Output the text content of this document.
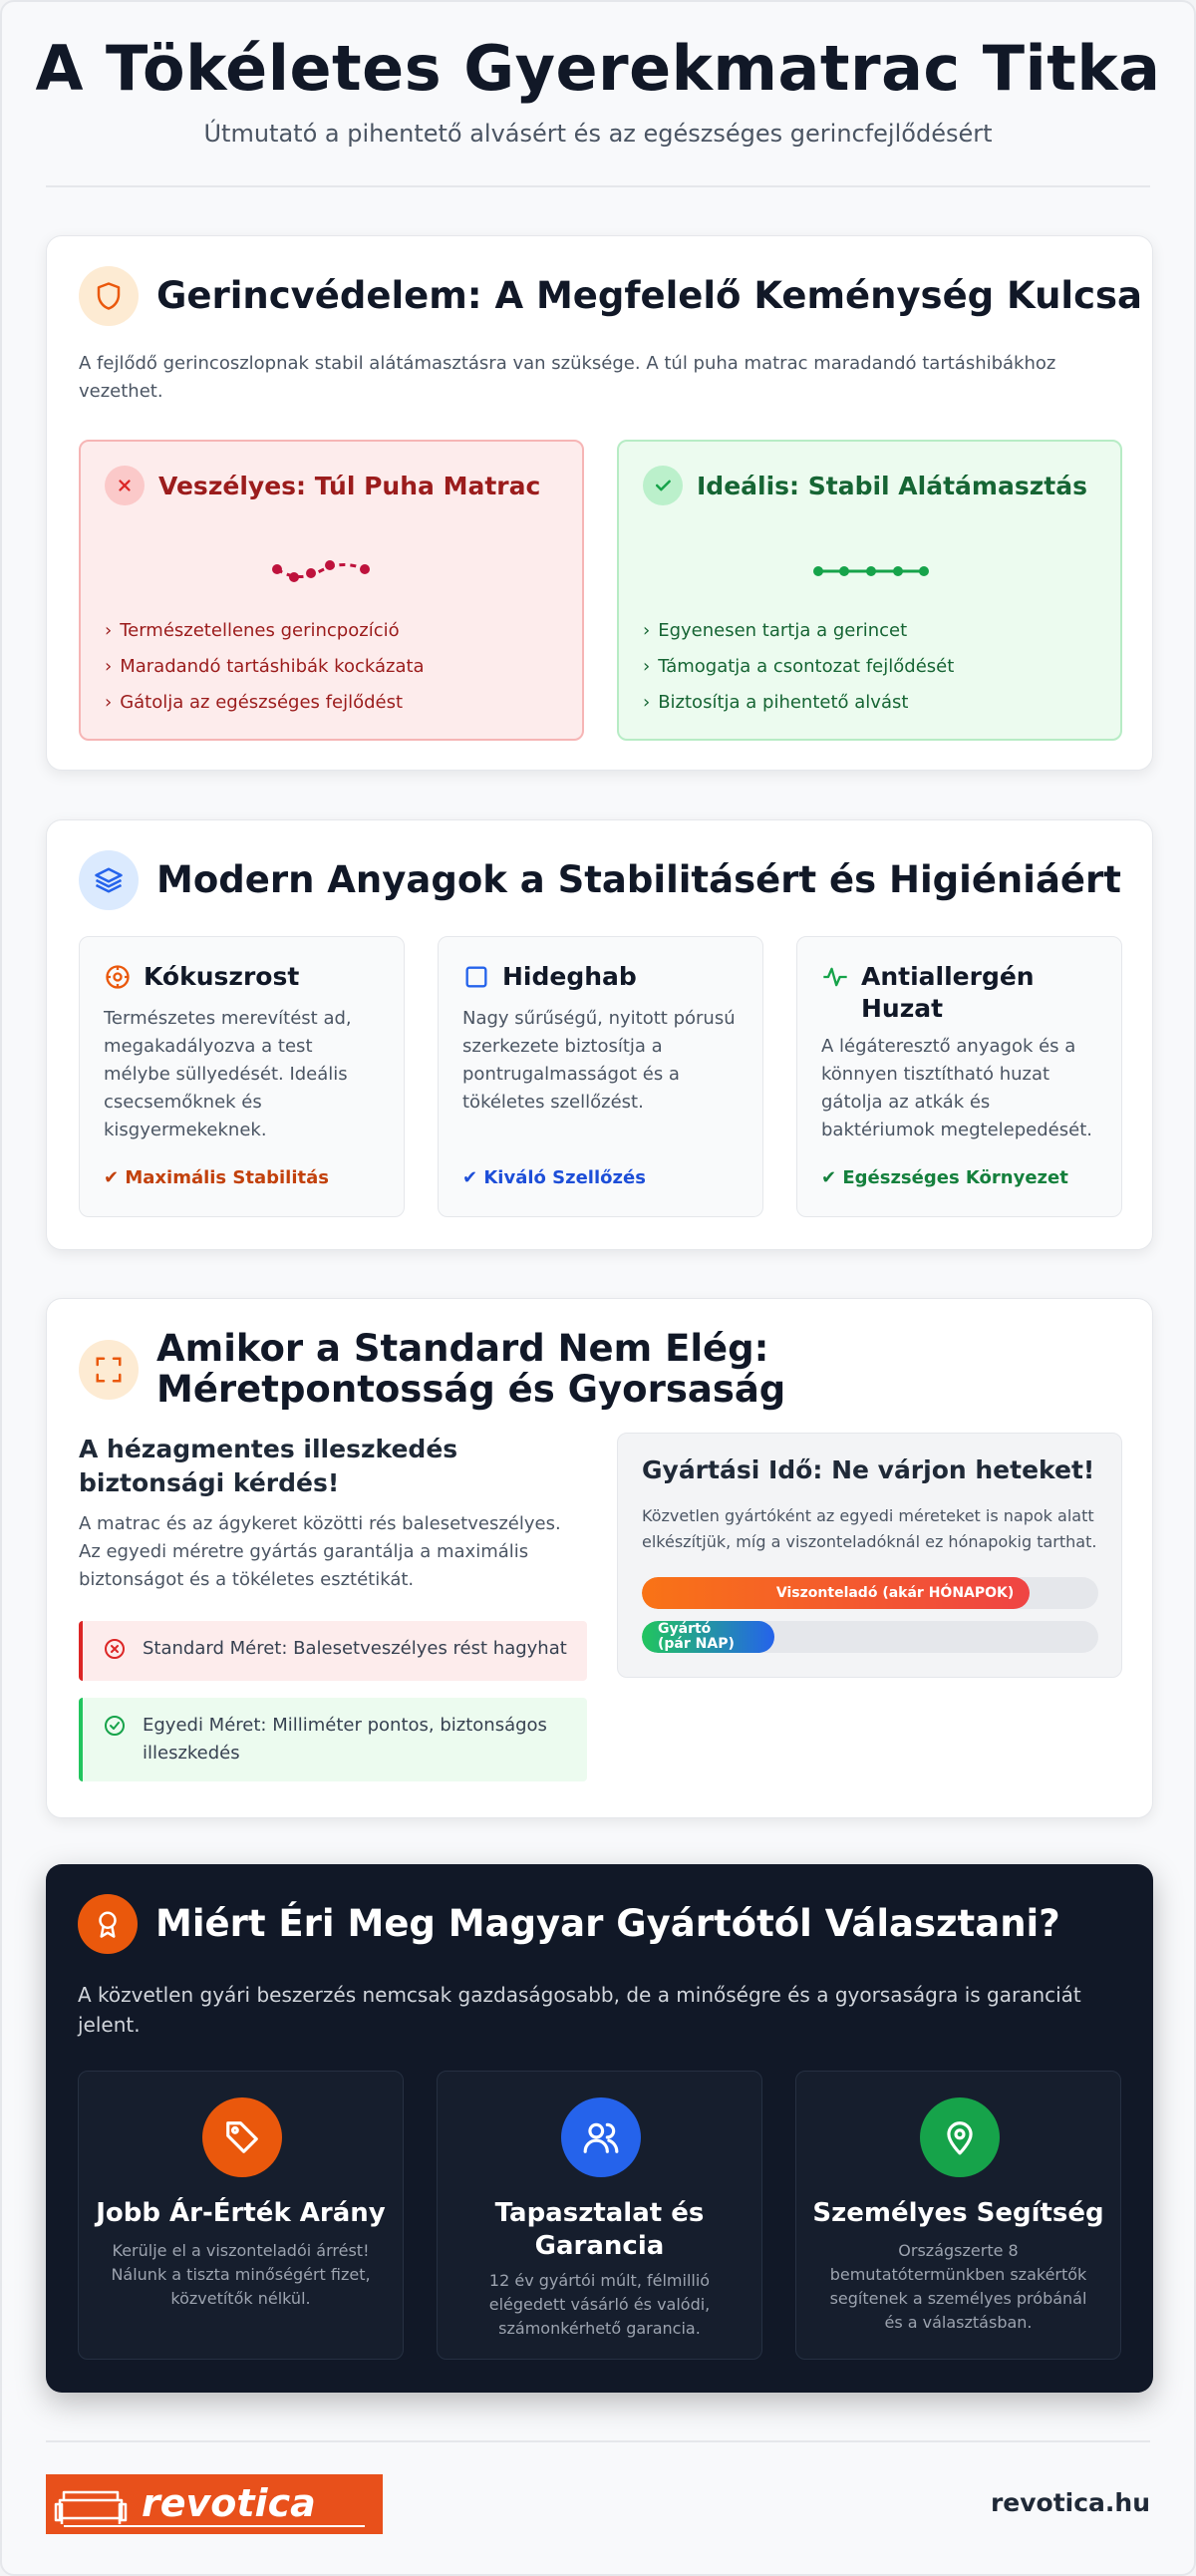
A Tökéletes Gyerekmatrac Titka

Útmutató a pihentető alvásért és az egészséges gerincfejlődésért

Gerincvédelem: A Megfelelő Keménység Kulcsa

A fejlődő gerincoszlopnak stabil alátámasztásra van szüksége. A túl puha matrac maradandó tartáshibákhoz vezethet.

Veszélyes: Túl Puha Matrac
› Természetellenes gerincpozíció
› Maradandó tartáshibák kockázata
› Gátolja az egészséges fejlődést
Ideális: Stabil Alátámasztás
› Egyenesen tartja a gerincet
› Támogatja a csontozat fejlődését
› Biztosítja a pihentető alvást
Modern Anyagok a Stabilitásért és Higiéniáért
Kókuszrost

Természetes merevítést ad, megakadályozva a test mélybe süllyedését. Ideális csecsemőknek és kisgyermekeknek.

✔ Maximális Stabilitás
Hideghab

Nagy sűrűségű, nyitott pórusú szerkezete biztosítja a pontrugalmasságot és a tökéletes szellőzést.

✔ Kiváló Szellőzés
Antiallergén Huzat

A légáteresztő anyagok és a könnyen tisztítható huzat gátolja az atkák és baktériumok megtelepedését.

✔ Egészséges Környezet
Amikor a Standard Nem Elég: Méretpontosság és Gyorsaság
A hézagmentes illeszkedés biztonsági kérdés!

A matrac és az ágykeret közötti rés balesetveszélyes. Az egyedi méretre gyártás garantálja a maximális biztonságot és a tökéletes esztétikát.

Standard Méret: Balesetveszélyes rést hagyhat
Egyedi Méret: Milliméter pontos, biztonságos illeszkedés
Gyártási Idő: Ne várjon heteket!

Közvetlen gyártóként az egyedi méreteket is napok alatt elkészítjük, míg a viszonteladóknál ez hónapokig tarthat.

Viszonteladó (akár HÓNAPOK)
Gyártó
(pár NAP)
Miért Éri Meg Magyar Gyártótól Választani?

A közvetlen gyári beszerzés nemcsak gazdaságosabb, de a minőségre és a gyorsaságra is garanciát jelent.

Jobb Ár-Érték Arány

Kerülje el a viszonteladói árrést! Nálunk a tiszta minőségért fizet, közvetítők nélkül.

Tapasztalat és Garancia

12 év gyártói múlt, félmillió elégedett vásárló és valódi, számonkérhető garancia.

Személyes Segítség

Országszerte 8 bemutatótermünkben szakértők segítenek a személyes próbánál és a választásban.

revotica	revotica.hu
